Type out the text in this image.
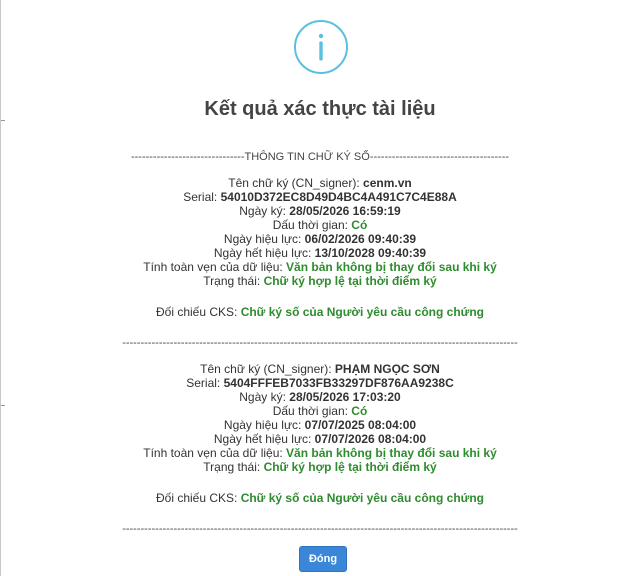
Kết quả xác thực tài liệu
-------------------------------THÔNG TIN CHỮ KÝ SỐ--------------------------------------
Tên chữ ký (CN_signer): cenm.vn
Serial: 54010D372EC8D49D4BC4A491C7C4E88A
Ngày ký: 28/05/2026 16:59:19
Dấu thời gian: Có
Ngày hiệu lực: 06/02/2026 09:40:39
Ngày hết hiệu lực: 13/10/2028 09:40:39
Tính toàn vẹn của dữ liệu: Văn bản không bị thay đổi sau khi ký
Trạng thái: Chữ ký hợp lệ tại thời điểm ký
Đối chiếu CKS: Chữ ký số của Người yêu cầu công chứng
------------------------------------------------------------------------------------------------------------
Tên chữ ký (CN_signer): PHẠM NGỌC SƠN
Serial: 5404FFFEB7033FB33297DF876AA9238C
Ngày ký: 28/05/2026 17:03:20
Dấu thời gian: Có
Ngày hiệu lực: 07/07/2025 08:04:00
Ngày hết hiệu lực: 07/07/2026 08:04:00
Tính toàn vẹn của dữ liệu: Văn bản không bị thay đổi sau khi ký
Trạng thái: Chữ ký hợp lệ tại thời điểm ký
Đối chiếu CKS: Chữ ký số của Người yêu cầu công chứng
------------------------------------------------------------------------------------------------------------
Đóng
